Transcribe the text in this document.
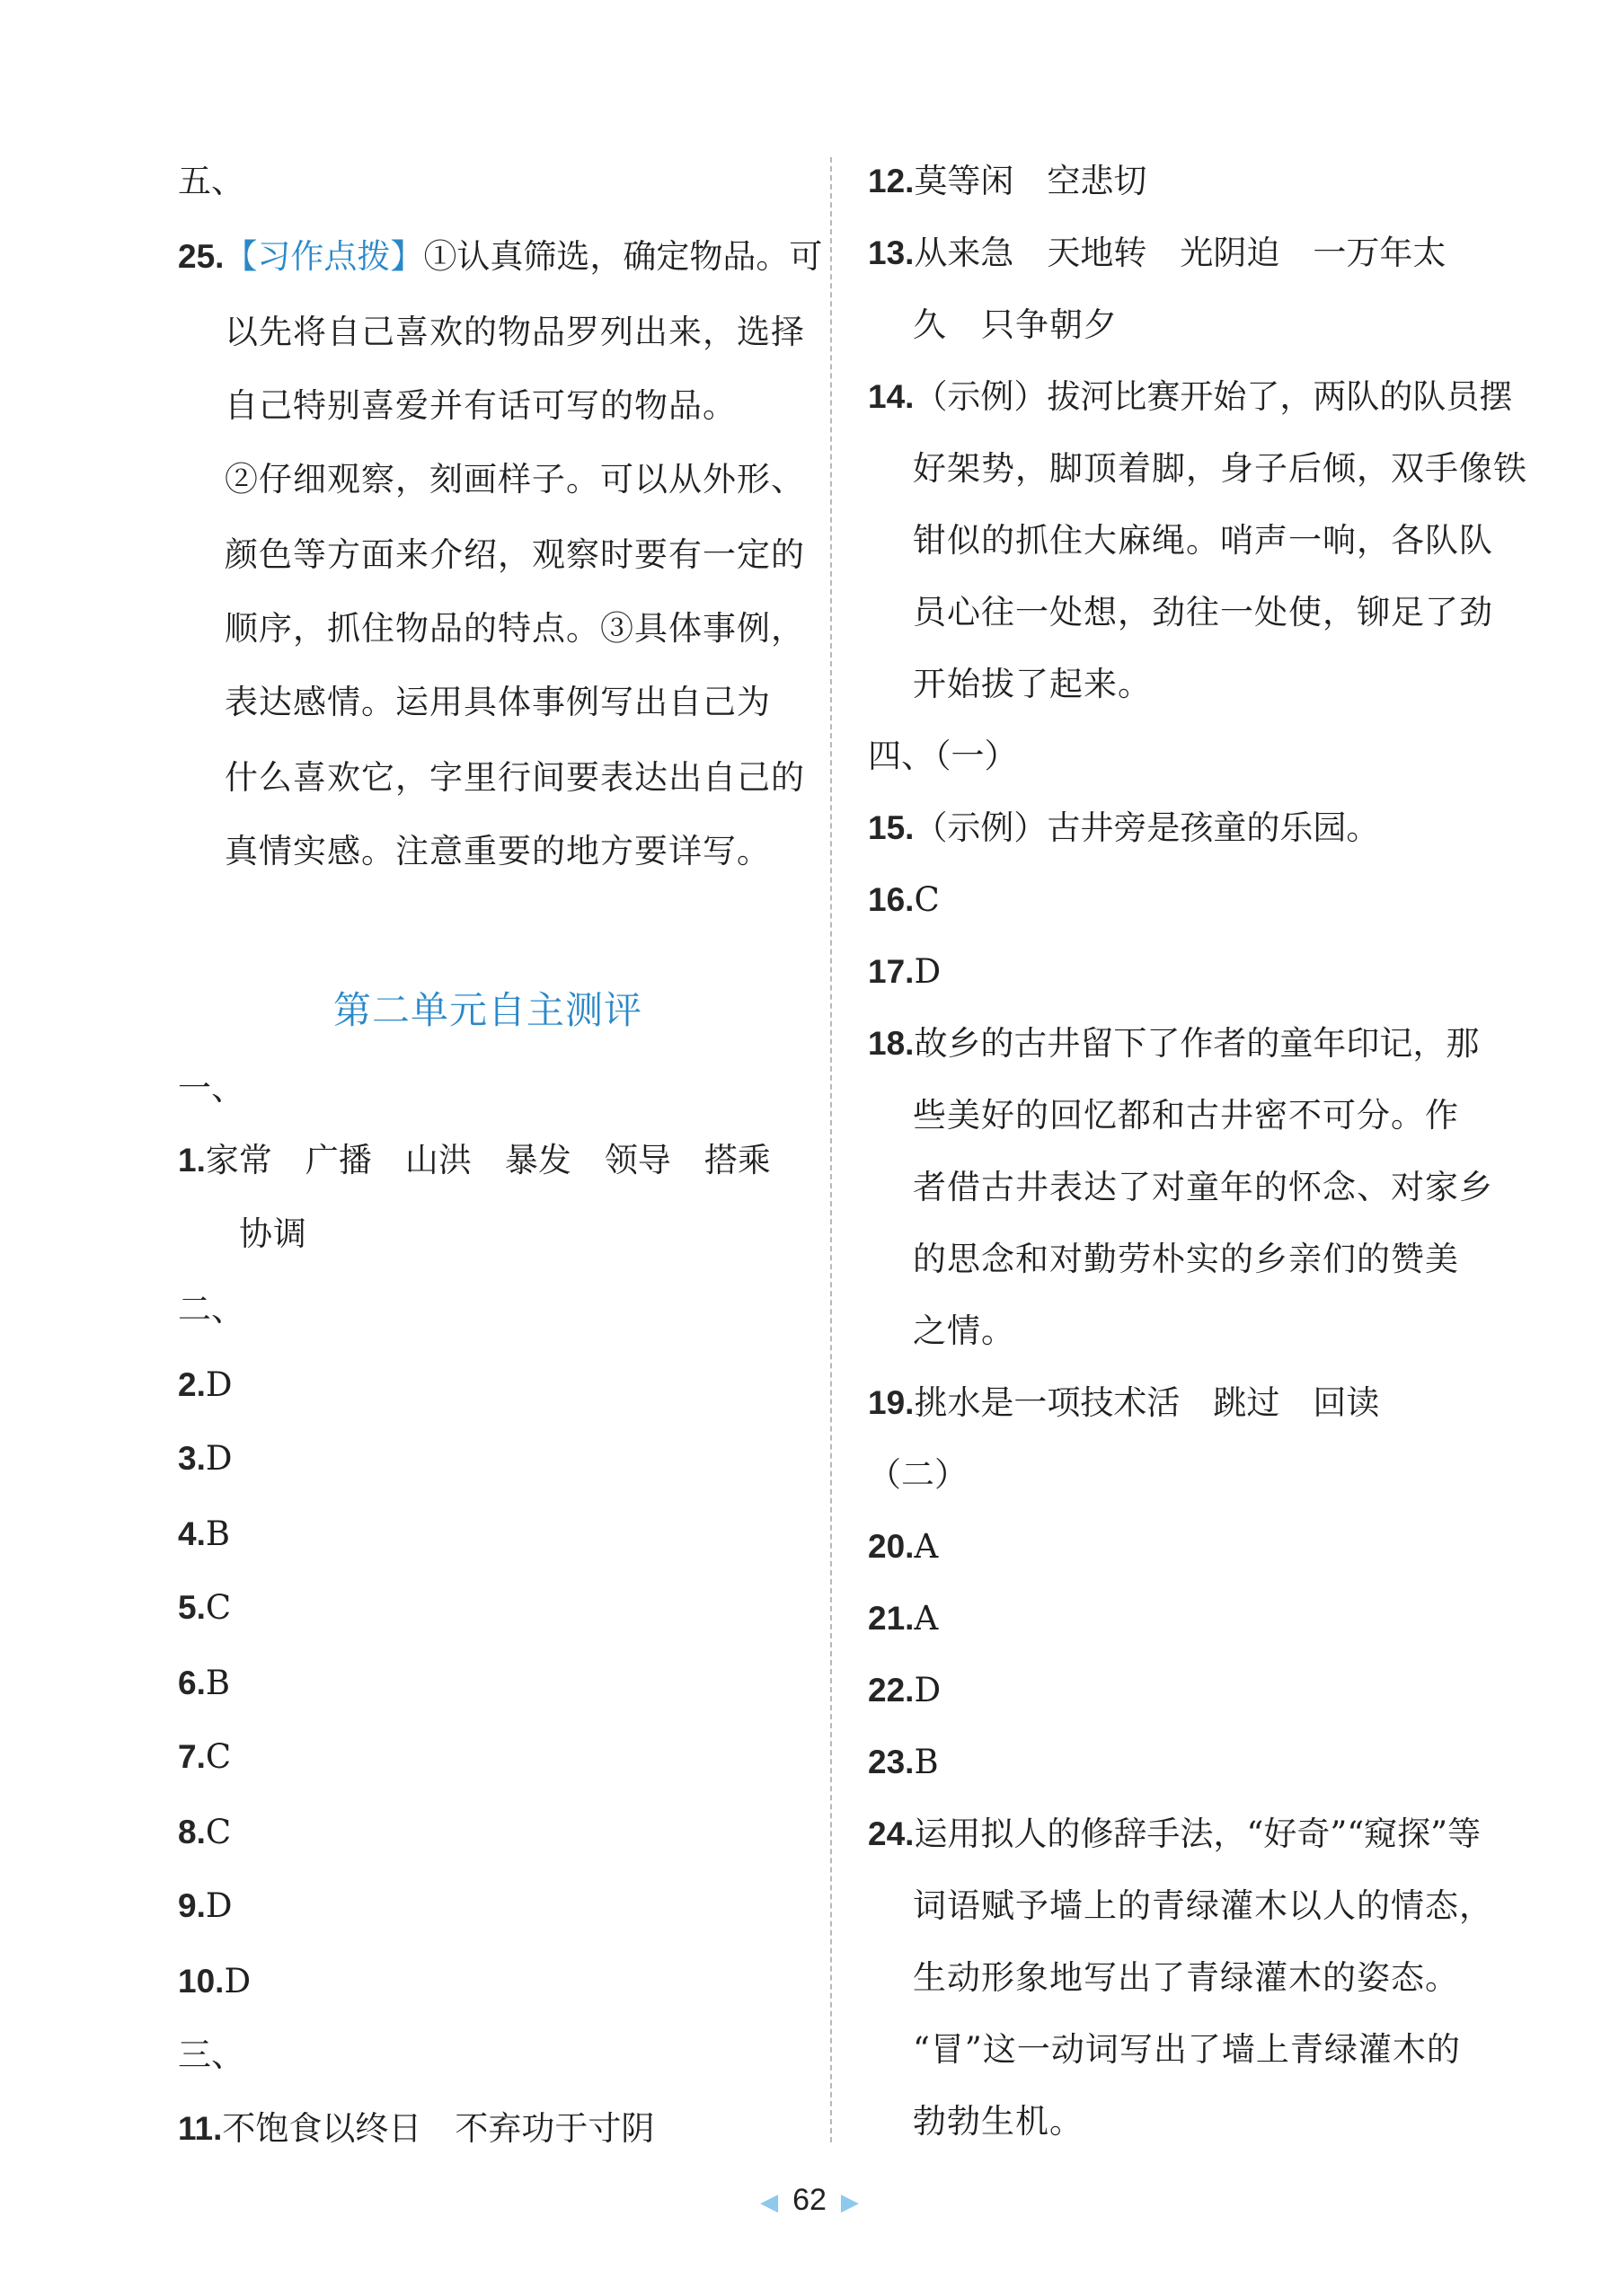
五、
25.【习作点拨】①认真筛选，确定物品。可
以先将自己喜欢的物品罗列出来，选择
自己特别喜爱并有话可写的物品。
②仔细观察，刻画样子。可以从外形、
颜色等方面来介绍，观察时要有一定的
顺序，抓住物品的特点。③具体事例，
表达感情。运用具体事例写出自己为
什么喜欢它，字里行间要表达出自己的
真情实感。注意重要的地方要详写。
第二单元自主测评
一、
1.家常　广播　山洪　暴发　领导　搭乘
协调
二、
2.D
3.D
4.B
5.C
6.B
7.C
8.C
9.D
10.D
三、
11.不饱食以终日　不弃功于寸阴
12.莫等闲　空悲切
13.从来急　天地转　光阴迫　一万年太
久　只争朝夕
14.（示例）拔河比赛开始了，两队的队员摆
好架势，脚顶着脚，身子后倾，双手像铁
钳似的抓住大麻绳。哨声一响，各队队
员心往一处想，劲往一处使，铆足了劲
开始拔了起来。
四、（一）
15.（示例）古井旁是孩童的乐园。
16.C
17.D
18.故乡的古井留下了作者的童年印记，那
些美好的回忆都和古井密不可分。作
者借古井表达了对童年的怀念、对家乡
的思念和对勤劳朴实的乡亲们的赞美
之情。
19.挑水是一项技术活　跳过　回读
（二）
20.A
21.A
22.D
23.B
24.运用拟人的修辞手法，“好奇”“窥探”等
词语赋予墙上的青绿灌木以人的情态，
生动形象地写出了青绿灌木的姿态。
“冒”这一动词写出了墙上青绿灌木的
勃勃生机。
◀ 62 ▶
